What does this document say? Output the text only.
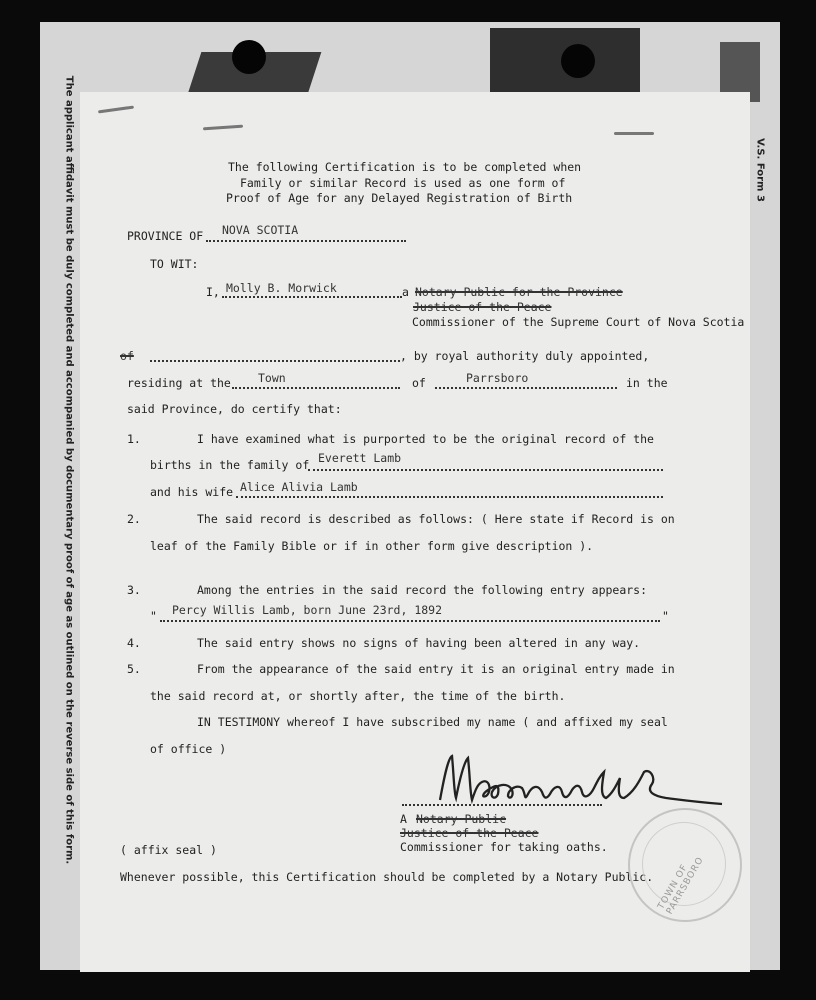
The applicant affidavit must be duly completed and accompanied by documentary proof of age as outlined on the reverse side of this form.	V.S. Form 3
The following Certification is to be completed when
Family or similar Record is used as one form of
Proof of Age for any Delayed Registration of Birth
PROVINCE OF NOVA SCOTIA
TO WIT:
I, Molly B. Morwick	a Notary Public for the Province
Justice of the Peace
Commissioner of the Supreme Court of Nova Scotia
of	, by royal authority duly appointed,
residing at the Town	of	Parrsboro	in the
said Province, do certify that:
1.	I have examined what is purported to be the original record of the
births in the family of Everett Lamb
and his wife Alice Alivia Lamb
2.	The said record is described as follows: ( Here state if Record is on
leaf of the Family Bible or if in other form give description ).
3.	Among the entries in the said record the following entry appears:
" Percy Willis Lamb, born June 23rd, 1892	"
4.	The said entry shows no signs of having been altered in any way.
5.	From the appearance of the said entry it is an original entry made in
the said record at, or shortly after, the time of the birth.
IN TESTIMONY whereof I have subscribed my name ( and affixed my seal
of office )	MBMorwick
A Notary Public
Justice of the Peace
Commissioner for taking oaths.
( affix seal )
Whenever possible, this Certification should be completed by a Notary Public. TOWN OF PARRSBORO
